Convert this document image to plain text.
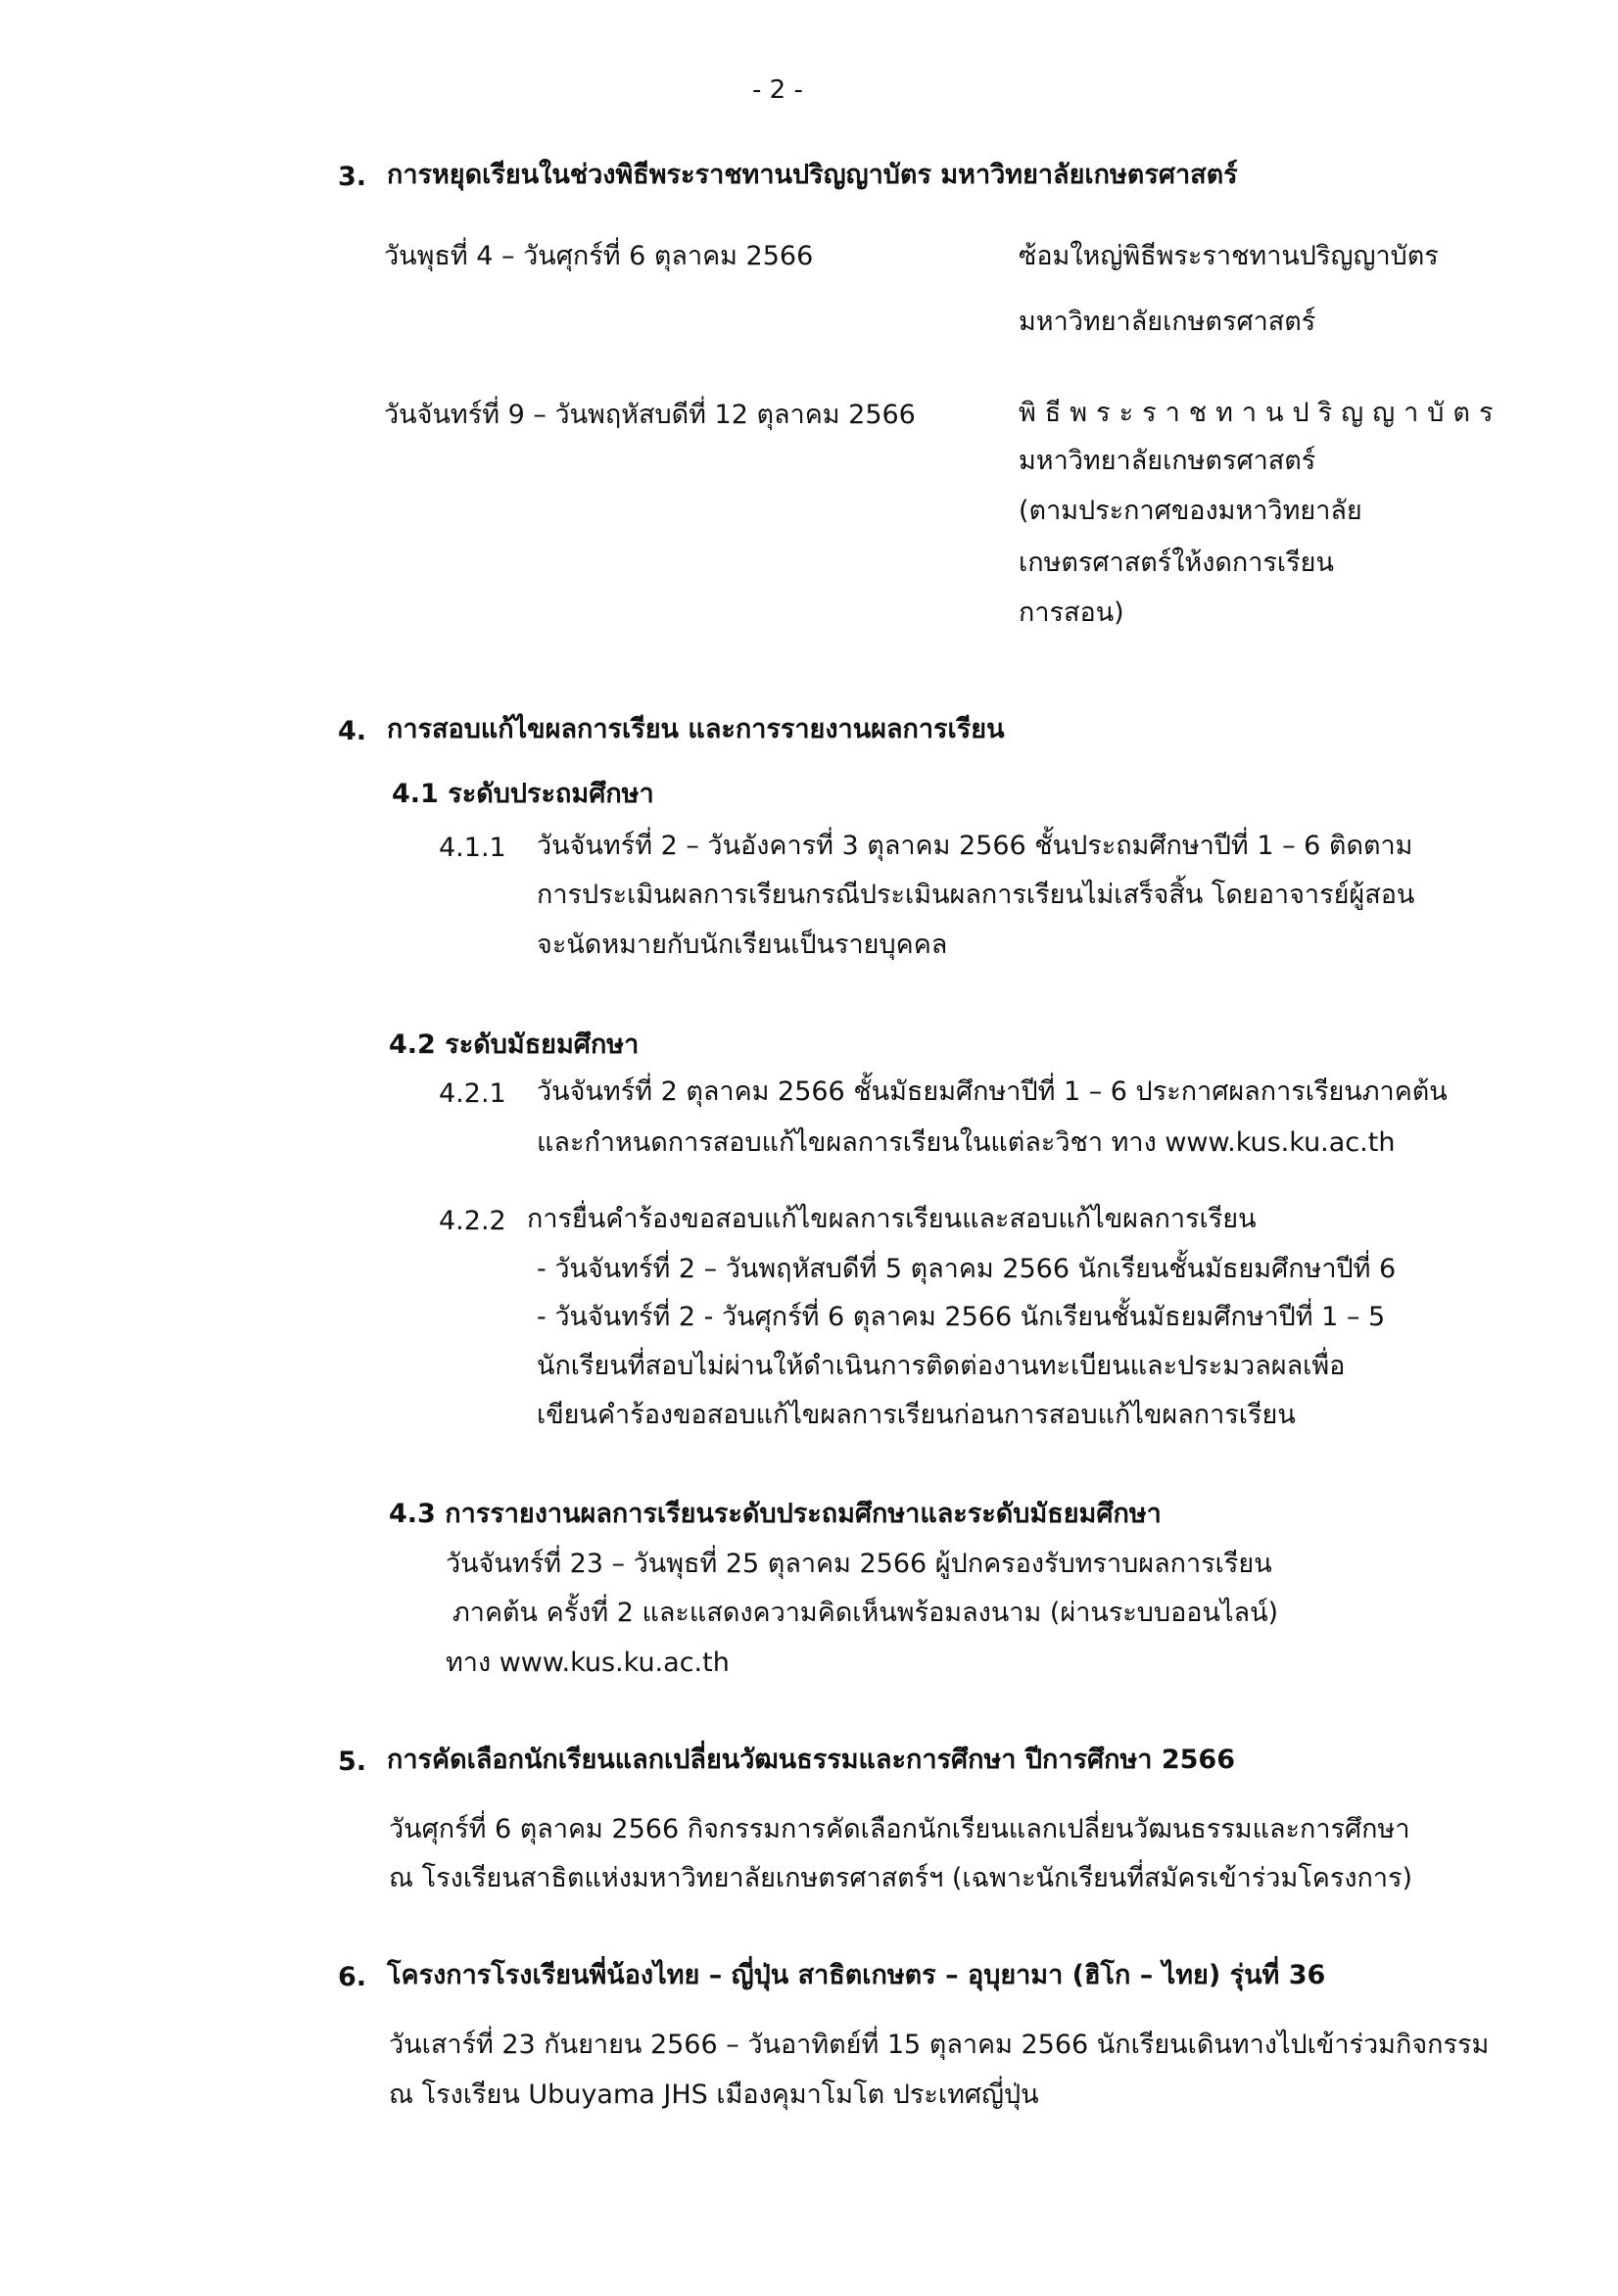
- 2 -
3. การหยุดเรียนในช่วงพิธีพระราชทานปริญญาบัตร มหาวิทยาลัยเกษตรศาสตร์
วันพุธที่ 4 – วันศุกร์ที่ 6 ตุลาคม 2566	ซ้อมใหญ่พิธีพระราชทานปริญญาบัตร
มหาวิทยาลัยเกษตรศาสตร์
วันจันทร์ที่ 9 – วันพฤหัสบดีที่ 12 ตุลาคม 2566	พิธีพระราชทานปริญญาบัตร
มหาวิทยาลัยเกษตรศาสตร์
(ตามประกาศของมหาวิทยาลัย
เกษตรศาสตร์ให้งดการเรียน
การสอน)
4. การสอบแก้ไขผลการเรียน และการรายงานผลการเรียน
4.1 ระดับประถมศึกษา
4.1.1 วันจันทร์ที่ 2 – วันอังคารที่ 3 ตุลาคม 2566 ชั้นประถมศึกษาปีที่ 1 – 6 ติดตาม
การประเมินผลการเรียนกรณีประเมินผลการเรียนไม่เสร็จสิ้น โดยอาจารย์ผู้สอน
จะนัดหมายกับนักเรียนเป็นรายบุคคล
4.2 ระดับมัธยมศึกษา
4.2.1 วันจันทร์ที่ 2 ตุลาคม 2566 ชั้นมัธยมศึกษาปีที่ 1 – 6 ประกาศผลการเรียนภาคต้น
และกำหนดการสอบแก้ไขผลการเรียนในแต่ละวิชา ทาง www.kus.ku.ac.th
4.2.2 การยื่นคำร้องขอสอบแก้ไขผลการเรียนและสอบแก้ไขผลการเรียน
- วันจันทร์ที่ 2 – วันพฤหัสบดีที่ 5 ตุลาคม 2566 นักเรียนชั้นมัธยมศึกษาปีที่ 6
- วันจันทร์ที่ 2 - วันศุกร์ที่ 6 ตุลาคม 2566 นักเรียนชั้นมัธยมศึกษาปีที่ 1 – 5
นักเรียนที่สอบไม่ผ่านให้ดำเนินการติดต่องานทะเบียนและประมวลผลเพื่อ
เขียนคำร้องขอสอบแก้ไขผลการเรียนก่อนการสอบแก้ไขผลการเรียน
4.3 การรายงานผลการเรียนระดับประถมศึกษาและระดับมัธยมศึกษา
วันจันทร์ที่ 23 – วันพุธที่ 25 ตุลาคม 2566 ผู้ปกครองรับทราบผลการเรียน
ภาคต้น ครั้งที่ 2 และแสดงความคิดเห็นพร้อมลงนาม (ผ่านระบบออนไลน์)
ทาง www.kus.ku.ac.th
5. การคัดเลือกนักเรียนแลกเปลี่ยนวัฒนธรรมและการศึกษา ปีการศึกษา 2566
วันศุกร์ที่ 6 ตุลาคม 2566 กิจกรรมการคัดเลือกนักเรียนแลกเปลี่ยนวัฒนธรรมและการศึกษา
ณ โรงเรียนสาธิตแห่งมหาวิทยาลัยเกษตรศาสตร์ฯ (เฉพาะนักเรียนที่สมัครเข้าร่วมโครงการ)
6. โครงการโรงเรียนพี่น้องไทย – ญี่ปุ่น สาธิตเกษตร – อุบุยามา (ฮิโก – ไทย) รุ่นที่ 36
วันเสาร์ที่ 23 กันยายน 2566 – วันอาทิตย์ที่ 15 ตุลาคม 2566 นักเรียนเดินทางไปเข้าร่วมกิจกรรม
ณ โรงเรียน Ubuyama JHS เมืองคุมาโมโต ประเทศญี่ปุ่น
